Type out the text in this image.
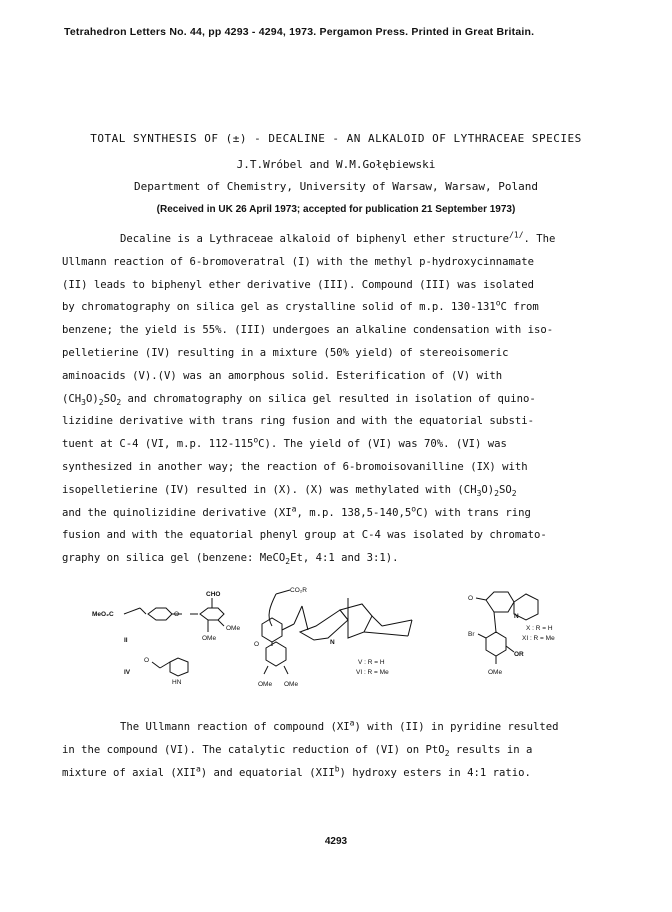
Tetrahedron Letters No. 44, pp 4293 - 4294, 1973. Pergamon Press. Printed in Great Britain.
TOTAL SYNTHESIS OF (±) - DECALINE - AN ALKALOID OF LYTHRACEAE SPECIES
J.T.Wróbel and W.M.Gołębiewski
Department of Chemistry, University of Warsaw, Warsaw, Poland
(Received in UK 26 April 1973; accepted for publication 21 September 1973)
Decaline is a Lythraceae alkaloid of biphenyl ether structure$^{/1/}$. The
Ullmann reaction of 6-bromoveratral (I) with the methyl p-hydroxycinnamate
(II) leads to biphenyl ether derivative (III). Compound (III) was isolated
by chromatography on silica gel as crystalline solid of m.p. 130-131$^o$C from
benzene; the yield is 55%. (III) undergoes an alkaline condensation with iso-
pelletierine (IV) resulting in a mixture (50% yield) of stereoisomeric
aminoacids (V).(V) was an amorphous solid. Esterification of (V) with
$(CH_3O)_2SO_2$ and chromatography on silica gel resulted in isolation of quino-
lizidine derivative with trans ring fusion and with the equatorial substi-
tuent at C-4 (VI, m.p. 112-115$^o$C). The yield of (VI) was 70%. (VI) was
synthesized in another way; the reaction of 6-bromoisovanilline (IX) with
isopelletierine (IV) resulted in (X). (X) was methylated with $(CH_3O)_2SO_2$
and the quinolizidine derivative ($XI^a$, m.p. 138,5-140,5$^o$C) with trans ring
fusion and with the equatorial phenyl group at C-4 was isolated by chromato-
graphy on silica gel (benzene: MeCO$_2$Et, 4:1 and 3:1).
MeO₂C
CHO
OMe
OMe
II
O
IV
HN
CO₂R
N
O
V : R = H
VI : R = Me
OMe OMe
O
N
Br
OR
OMe
X : R = H
XI : R = Me
O
The Ullmann reaction of compound $(XI^a)$ with (II) in pyridine resulted
in the compound (VI). The catalytic reduction of (VI) on PtO$_2$ results in a
mixture of axial (XII$^a$) and equatorial (XII$^b$) hydroxy esters in 4:1 ratio.
4293
